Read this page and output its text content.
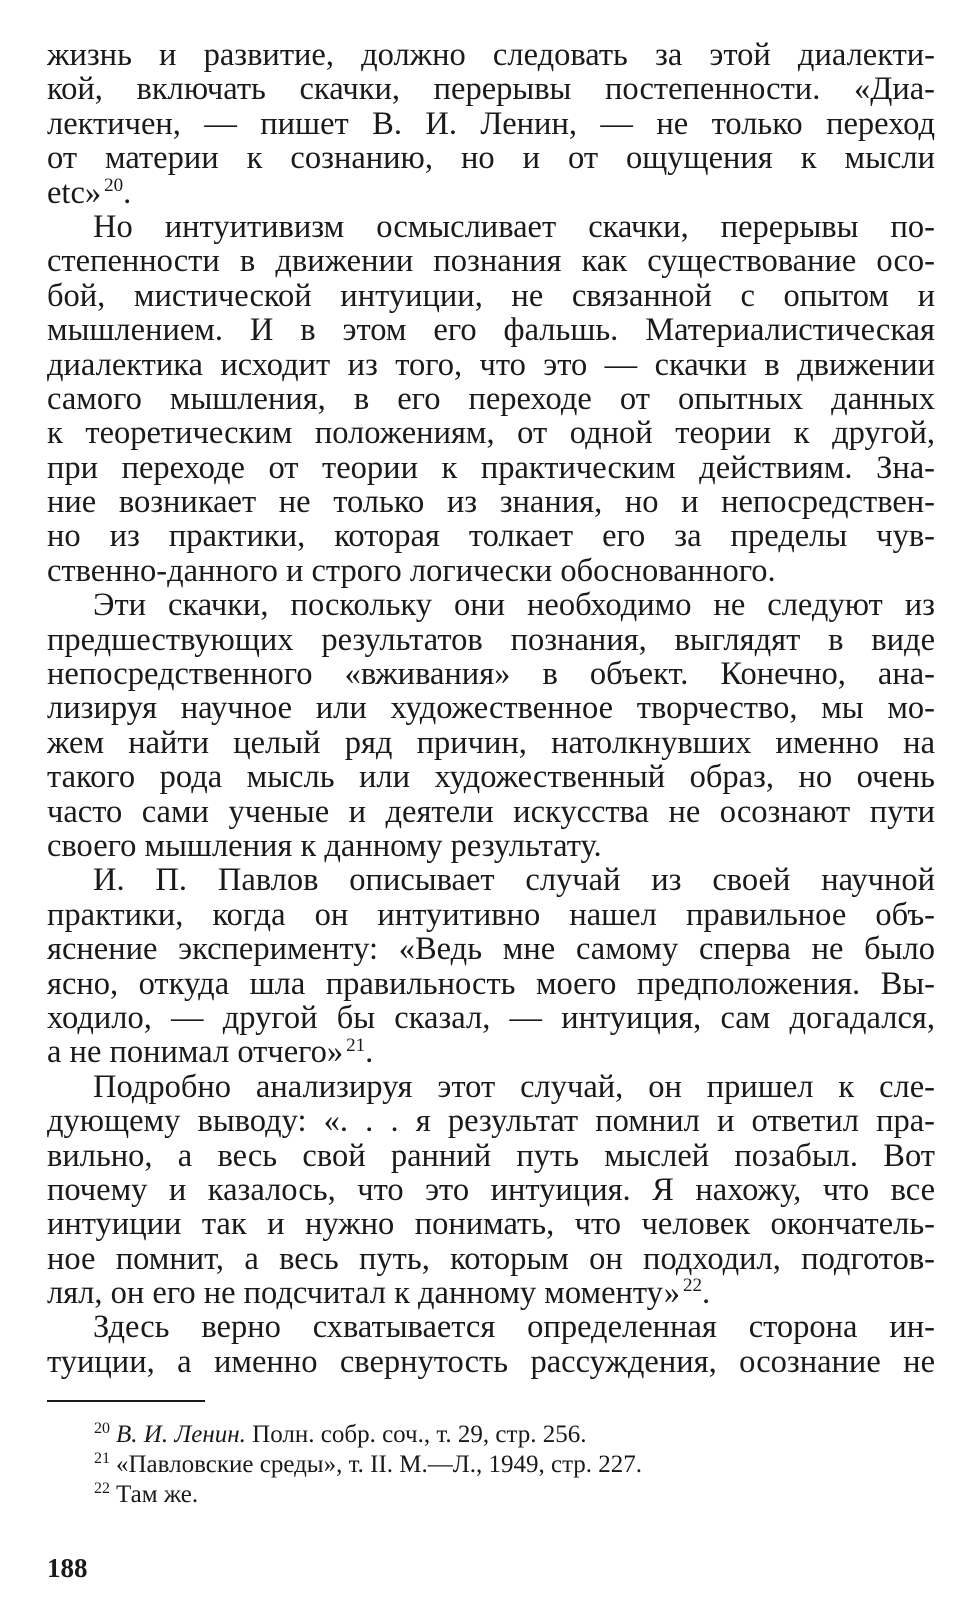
жизнь и развитие, должно следовать за этой диалекти-
кой, включать скачки, перерывы постепенности. «Диа-
лектичен, — пишет В. И. Ленин, — не только переход
от материи к сознанию, но и от ощущения к мысли
etc» $^{20}$.
Но интуитивизм осмысливает скачки, перерывы по-
степенности в движении познания как существование осо-
бой, мистической интуиции, не связанной с опытом и
мышлением. И в этом его фальшь. Материалистическая
диалектика исходит из того, что это — скачки в движении
самого мышления, в его переходе от опытных данных
к теоретическим положениям, от одной теории к другой,
при переходе от теории к практическим действиям. Зна-
ние возникает не только из знания, но и непосредствен-
но из практики, которая толкает его за пределы чув-
ственно-данного и строго логически обоснованного.
Эти скачки, поскольку они необходимо не следуют из
предшествующих результатов познания, выглядят в виде
непосредственного «вживания» в объект. Конечно, ана-
лизируя научное или художественное творчество, мы мо-
жем найти целый ряд причин, натолкнувших именно на
такого рода мысль или художественный образ, но очень
часто сами ученые и деятели искусства не осознают пути
своего мышления к данному результату.
И. П. Павлов описывает случай из своей научной
практики, когда он интуитивно нашел правильное объ-
яснение эксперименту: «Ведь мне самому сперва не было
ясно, откуда шла правильность моего предположения. Вы-
ходило, — другой бы сказал, — интуиция, сам догадался,
а не понимал отчего» $^{21}$.
Подробно анализируя этот случай, он пришел к сле-
дующему выводу: «. . . я результат помнил и ответил пра-
вильно, а весь свой ранний путь мыслей позабыл. Вот
почему и казалось, что это интуиция. Я нахожу, что все
интуиции так и нужно понимать, что человек окончатель-
ное помнит, а весь путь, которым он подходил, подготов-
лял, он его не подсчитал к данному моменту» $^{22}$.
Здесь верно схватывается определенная сторона ин-
туиции, а именно свернутость рассуждения, осознание не
$^{20}$ В. И. Ленин. Полн. собр. соч., т. 29, стр. 256.
$^{21}$ «Павловские среды», т. II. М.—Л., 1949, стр. 227.
$^{22}$ Там же.
188
